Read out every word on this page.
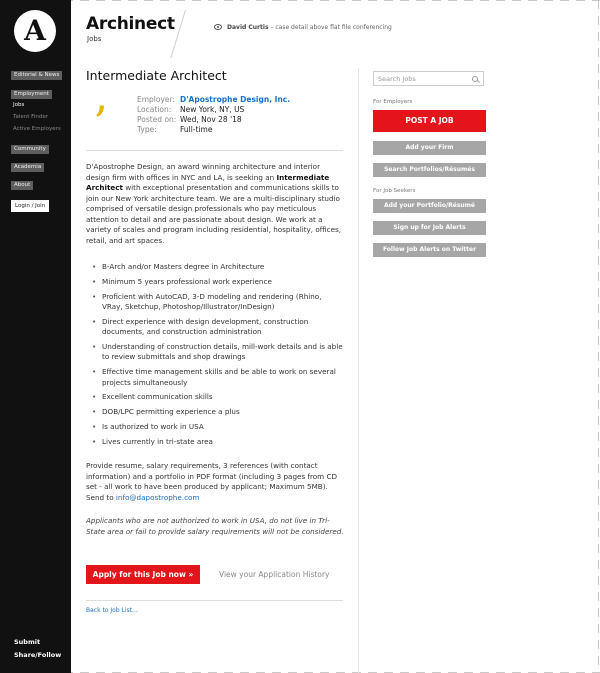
A
Editorial & News
Employment
Jobs
Talent Finder
Active Employers
Community
Academia
About
Login / Join
Submit
Share/Follow
Archinect
Jobs
David Curtis – case detail above flat file conferencing
Intermediate Architect
’	Employer: D'Apostrophe Design, Inc.
Location: New York, NY, US
Posted on: Wed, Nov 28 '18
Type:	Full-time
D'Apostrophe Design, an award winning architecture and interior design firm with offices in NYC and LA, is seeking an Intermediate Architect with exceptional presentation and communications skills to join our New York architecture team. We are a multi-disciplinary studio comprised of versatile design professionals who pay meticulous attention to detail and are passionate about design. We work at a variety of scales and program including residential, hospitality, offices, retail, and art spaces.
• B-Arch and/or Masters degree in Architecture
• Minimum 5 years professional work experience
• Proficient with AutoCAD, 3-D modeling and rendering (Rhino, VRay, Sketchup, Photoshop/Illustrator/InDesign)
• Direct experience with design development, construction documents, and construction administration
• Understanding of construction details, mill-work details and is able to review submittals and shop drawings
• Effective time management skills and be able to work on several projects simultaneously
• Excellent communication skills
• DOB/LPC permitting experience a plus
• Is authorized to work in USA
• Lives currently in tri-state area
Provide resume, salary requirements, 3 references (with contact information) and a portfolio in PDF format (including 3 pages from CD set - all work to have been produced by applicant; Maximum 5MB). Send to info@dapostrophe.com
Applicants who are not authorized to work in USA, do not live in Tri-State area or fail to provide salary requirements will not be considered.
Apply for this Job now »	View your Application History
Back to Job List...
Search Jobs
For Employers
POST A JOB
Add your Firm
Search Portfolios/Résumés
For Job Seekers
Add your Portfolio/Résumé
Sign up for Job Alerts
Follow Job Alerts on Twitter
